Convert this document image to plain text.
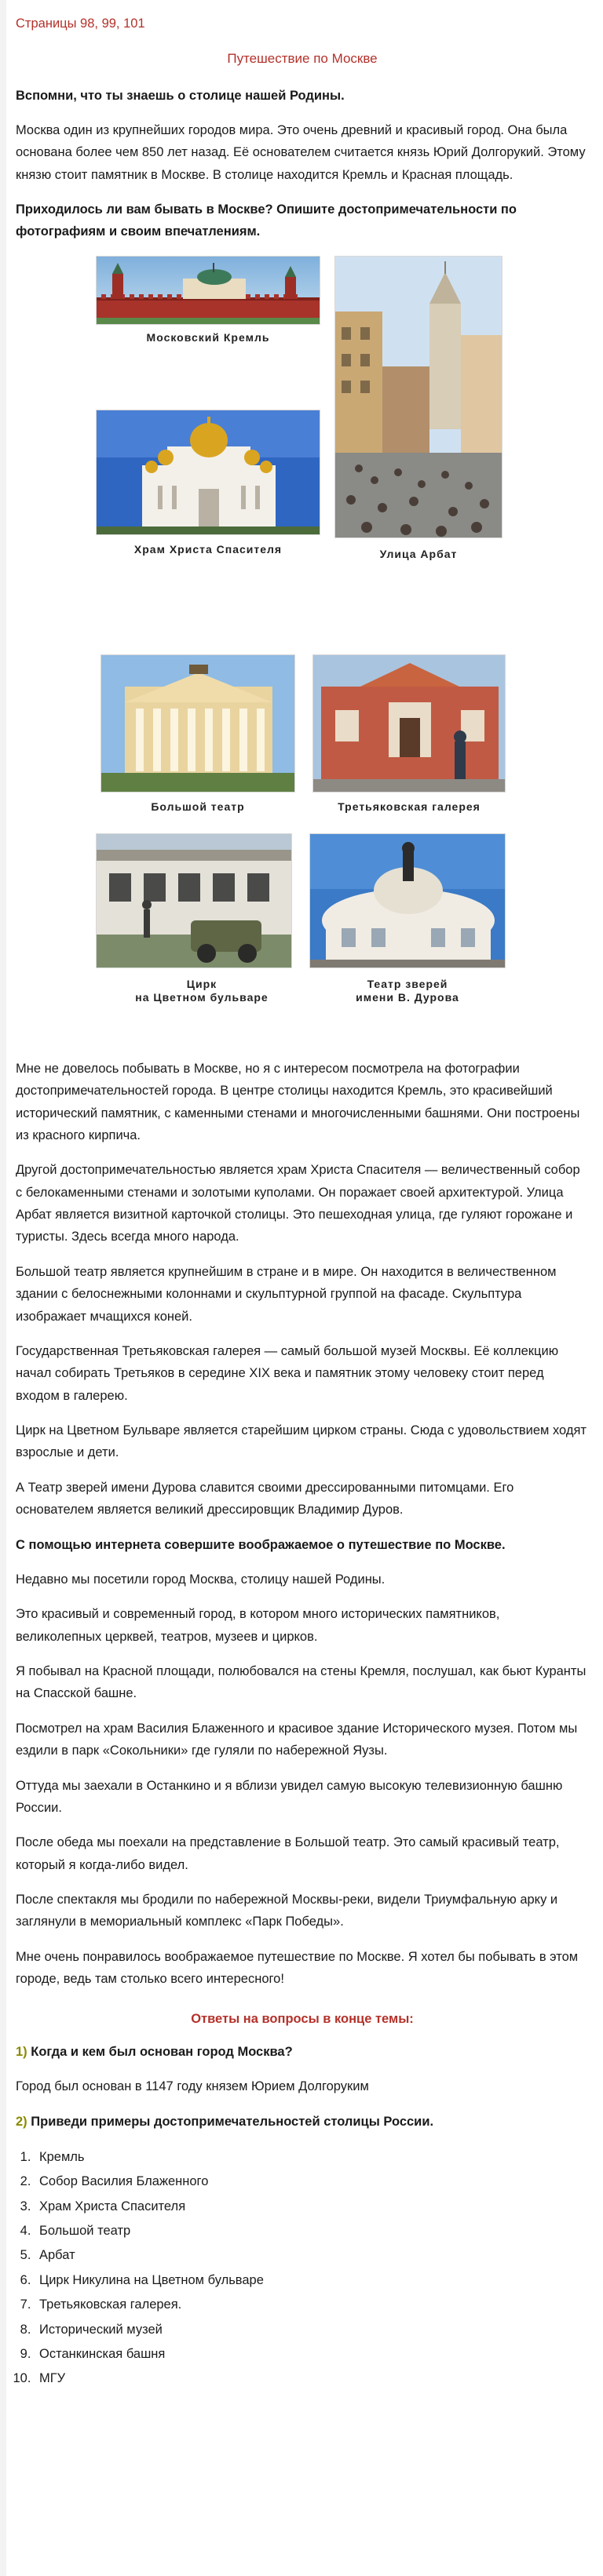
Страницы 98, 99, 101
Путешествие по Москве
Вспомни, что ты знаешь о столице нашей Родины.

Москва один из крупнейших городов мира. Это очень древний и красивый город. Она была основана более чем 850 лет назад. Её основателем считается князь Юрий Долгорукий. Этому князю стоит памятник в Москве. В столице находится Кремль и Красная площадь.

Приходилось ли вам бывать в Москве? Опишите достопримечательности по фотографиям и своим впечатлениям.
Московский Кремль
Храм Христа Спасителя	Улица Арбат
Большой театр	Третьяковская галерея
Цирк
на Цветном бульваре
Театр зверей
имени В. Дурова

Мне не довелось побывать в Москве, но я с интересом посмотрела на фотографии достопримечательностей города. В центре столицы находится Кремль, это красивейший исторический памятник, с каменными стенами и многочисленными башнями. Они построены из красного кирпича.

Другой достопримечательностью является храм Христа Спасителя — величественный собор с белокаменными стенами и золотыми куполами. Он поражает своей архитектурой. Улица Арбат является визитной карточкой столицы. Это пешеходная улица, где гуляют горожане и туристы. Здесь всегда много народа.

Большой театр является крупнейшим в стране и в мире. Он находится в величественном здании с белоснежными колоннами и скульптурной группой на фасаде. Скульптура изображает мчащихся коней.

Государственная Третьяковская галерея — самый большой музей Москвы. Её коллекцию начал собирать Третьяков в середине XIX века и памятник этому человеку стоит перед входом в галерею.

Цирк на Цветном Бульваре является старейшим цирком страны. Сюда с удовольствием ходят взрослые и дети.

А Театр зверей имени Дурова славится своими дрессированными питомцами. Его основателем является великий дрессировщик Владимир Дуров.

С помощью интернета совершите воображаемое о путешествие по Москве.

Недавно мы посетили город Москва, столицу нашей Родины.

Это красивый и современный город, в котором много исторических памятников, великолепных церквей, театров, музеев и цирков.

Я побывал на Красной площади, полюбовался на стены Кремля, послушал, как бьют Куранты на Спасской башне.

Посмотрел на храм Василия Блаженного и красивое здание Исторического музея. Потом мы ездили в парк «Сокольники» где гуляли по набережной Яузы.

Оттуда мы заехали в Останкино и я вблизи увидел самую высокую телевизионную башню России.

После обеда мы поехали на представление в Большой театр. Это самый красивый театр, который я когда-либо видел.

После спектакля мы бродили по набережной Москвы-реки, видели Триумфальную арку и заглянули в мемориальный комплекс «Парк Победы».

Мне очень понравилось воображаемое путешествие по Москве. Я хотел бы побывать в этом городе, ведь там столько всего интересного!

Ответы на вопросы в конце темы:
1) Когда и кем был основан город Москва?

Город был основан в 1147 году князем Юрием Долгоруким

2) Приведи примеры достопримечательностей столицы России.
1. Кремль
2. Собор Василия Блаженного
3. Храм Христа Спасителя
4. Большой театр
5. Арбат
6. Цирк Никулина на Цветном бульваре
7. Третьяковская галерея.
8. Исторический музей
9. Останкинская башня
10. МГУ
